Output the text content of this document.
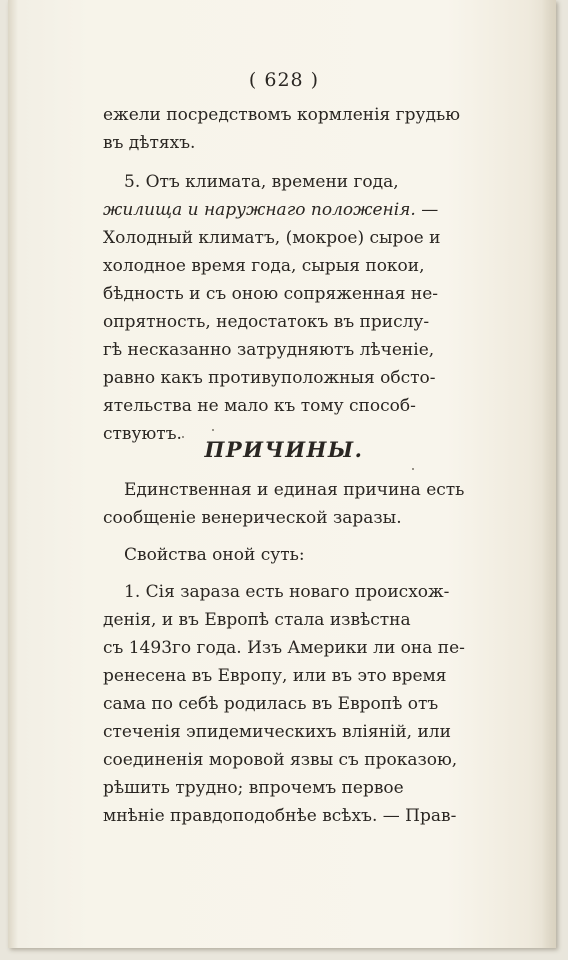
( 628 )
ежели посредствомъ кормленія грудью
въ дѣтяхъ.
5. Отъ климата, времени года,
жилища и наружнаго положенія. —
Холодный климатъ, (мокрое) сырое и
холодное время года, сырыя покои,
бѣдность и съ оною сопряженная не-
опрятность, недостатокъ въ прислу-
гѣ несказанно затрудняютъ лѣченіе,
равно какъ противуположныя обсто-
ятельства не мало къ тому способ-
ствуютъ.
ПРИЧИНЫ.
Единственная и единая причина есть
сообщеніе венерической заразы.
Свойства оной суть:
1. Сія зараза есть новаго происхож-
денія, и въ Европѣ стала извѣстна
съ 1493го года. Изъ Америки ли она пе-
ренесена въ Европу, или въ это время
сама по себѣ родилась въ Европѣ отъ
стеченія эпидемическихъ вліяній, или
соединенія моровой язвы съ проказою,
рѣшить трудно; впрочемъ первое
мнѣніе правдоподобнѣе всѣхъ. — Прав-
